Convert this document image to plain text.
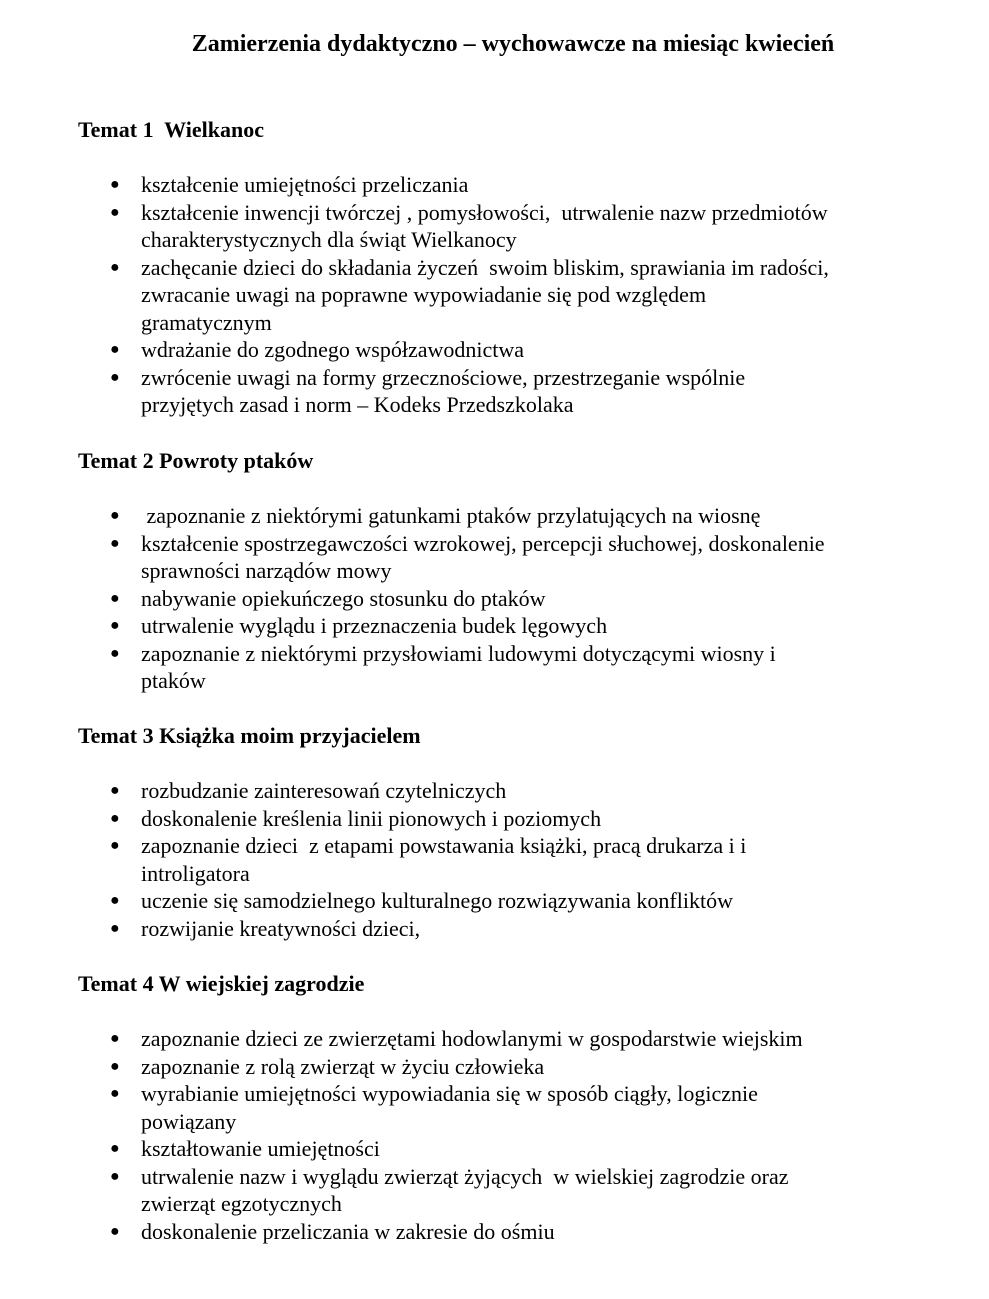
Zamierzenia dydaktyczno – wychowawcze na miesiąc kwiecień
Temat 1  Wielkanoc
● kształcenie umiejętności przeliczania
● kształcenie inwencji twórczej , pomysłowości,  utrwalenie nazw przedmiotów
charakterystycznych dla świąt Wielkanocy
● zachęcanie dzieci do składania życzeń  swoim bliskim, sprawiania im radości,
zwracanie uwagi na poprawne wypowiadanie się pod względem
gramatycznym
● wdrażanie do zgodnego współzawodnictwa
● zwrócenie uwagi na formy grzecznościowe, przestrzeganie wspólnie
przyjętych zasad i norm – Kodeks Przedszkolaka
Temat 2 Powroty ptaków
● zapoznanie z niektórymi gatunkami ptaków przylatujących na wiosnę
● kształcenie spostrzegawczości wzrokowej, percepcji słuchowej, doskonalenie
sprawności narządów mowy
● nabywanie opiekuńczego stosunku do ptaków
● utrwalenie wyglądu i przeznaczenia budek lęgowych
● zapoznanie z niektórymi przysłowiami ludowymi dotyczącymi wiosny i
ptaków
Temat 3 Książka moim przyjacielem
● rozbudzanie zainteresowań czytelniczych
● doskonalenie kreślenia linii pionowych i poziomych
● zapoznanie dzieci  z etapami powstawania książki, pracą drukarza i i
introligatora
● uczenie się samodzielnego kulturalnego rozwiązywania konfliktów
● rozwijanie kreatywności dzieci,
Temat 4 W wiejskiej zagrodzie
● zapoznanie dzieci ze zwierzętami hodowlanymi w gospodarstwie wiejskim
● zapoznanie z rolą zwierząt w życiu człowieka
● wyrabianie umiejętności wypowiadania się w sposób ciągły, logicznie
powiązany
● kształtowanie umiejętności
● utrwalenie nazw i wyglądu zwierząt żyjących  w wielskiej zagrodzie oraz
zwierząt egzotycznych
● doskonalenie przeliczania w zakresie do ośmiu
